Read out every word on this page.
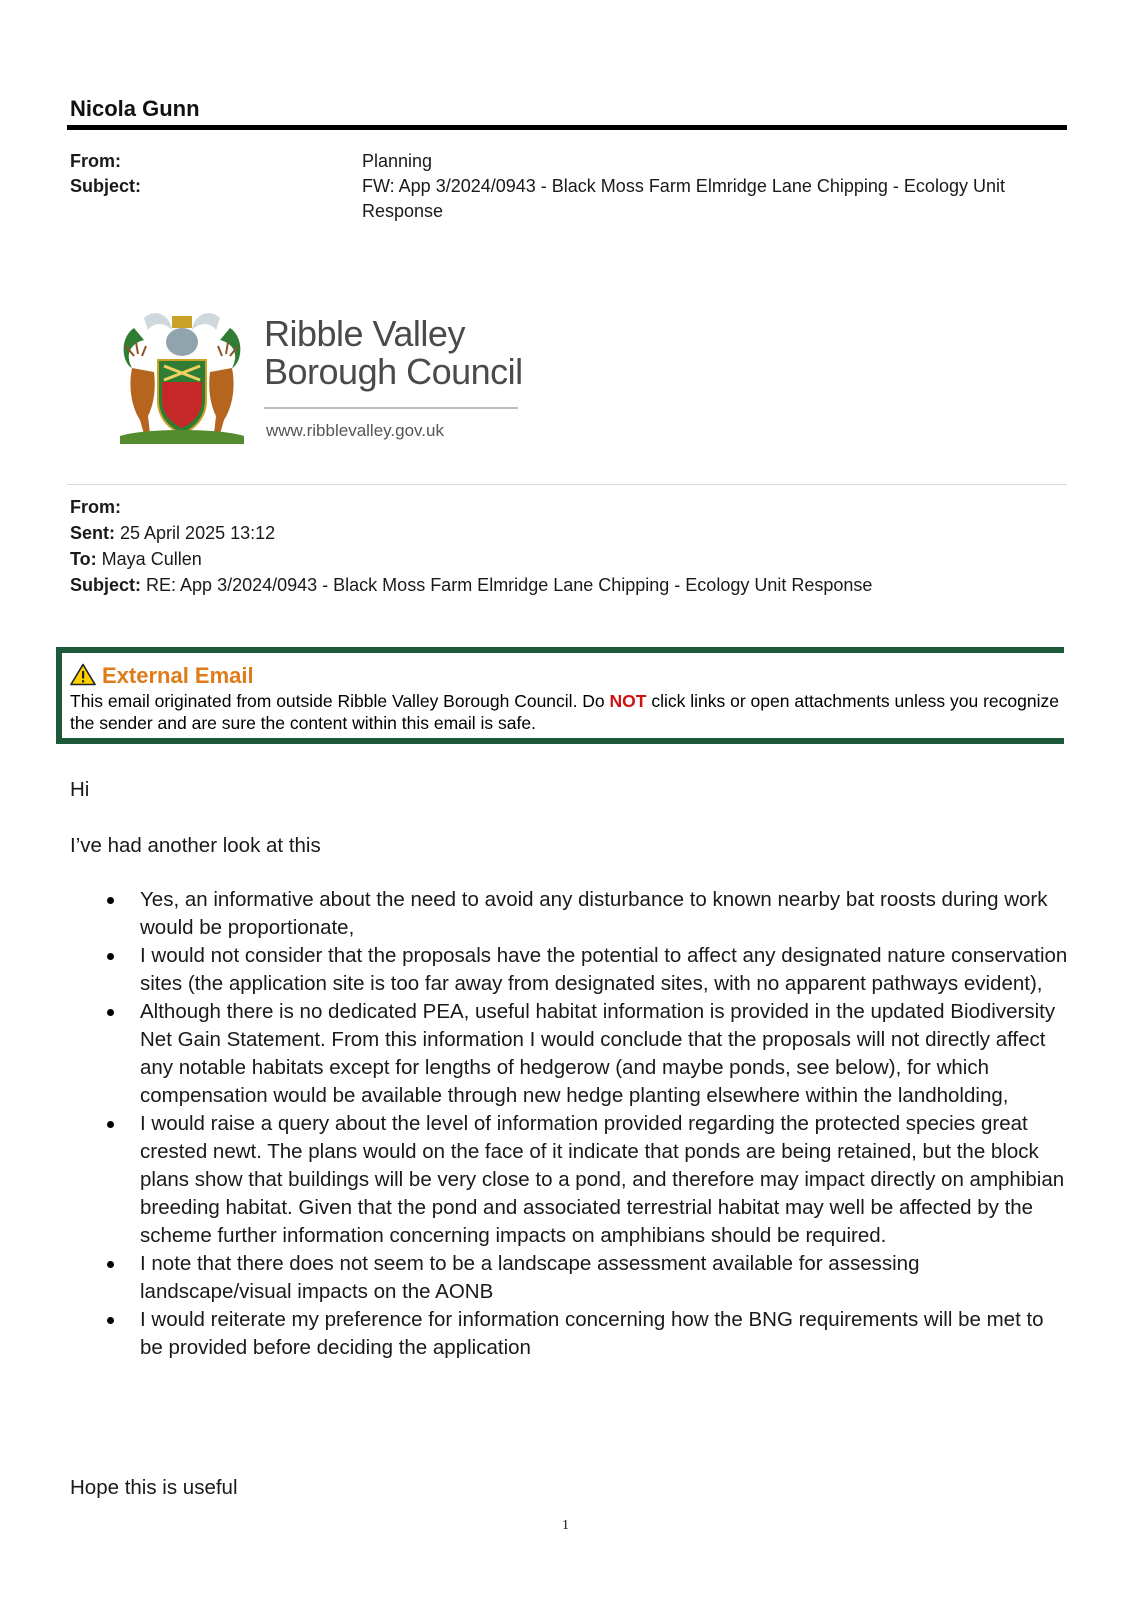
Nicola Gunn
From:	Planning
Subject:	FW: App 3/2024/0943 - Black Moss Farm Elmridge Lane Chipping - Ecology Unit Response
Ribble Valley
Borough Council
www.ribblevalley.gov.uk
From:
Sent: 25 April 2025 13:12
To: Maya Cullen
Subject: RE: App 3/2024/0943 - Black Moss Farm Elmridge Lane Chipping - Ecology Unit Response
External Email
This email originated from outside Ribble Valley Borough Council. Do NOT click links or open attachments unless you recognize the sender and are sure the content within this email is safe.
Hi
I’ve had another look at this
Yes, an informative about the need to avoid any disturbance to known nearby bat roosts during work would be proportionate,
I would not consider that the proposals have the potential to affect any designated nature conservation sites (the application site is too far away from designated sites, with no apparent pathways evident),
Although there is no dedicated PEA, useful habitat information is provided in the updated Biodiversity Net Gain Statement. From this information I would conclude that the proposals will not directly affect any notable habitats except for lengths of hedgerow (and maybe ponds, see below), for which compensation would be available through new hedge planting elsewhere within the landholding,
I would raise a query about the level of information provided regarding the protected species great crested newt. The plans would on the face of it indicate that ponds are being retained, but the block plans show that buildings will be very close to a pond, and therefore may impact directly on amphibian breeding habitat. Given that the pond and associated terrestrial habitat may well be affected by the scheme further information concerning impacts on amphibians should be required.
I note that there does not seem to be a landscape assessment available for assessing landscape/visual impacts on the AONB
I would reiterate my preference for information concerning how the BNG requirements will be met to be provided before deciding the application
Hope this is useful
1
